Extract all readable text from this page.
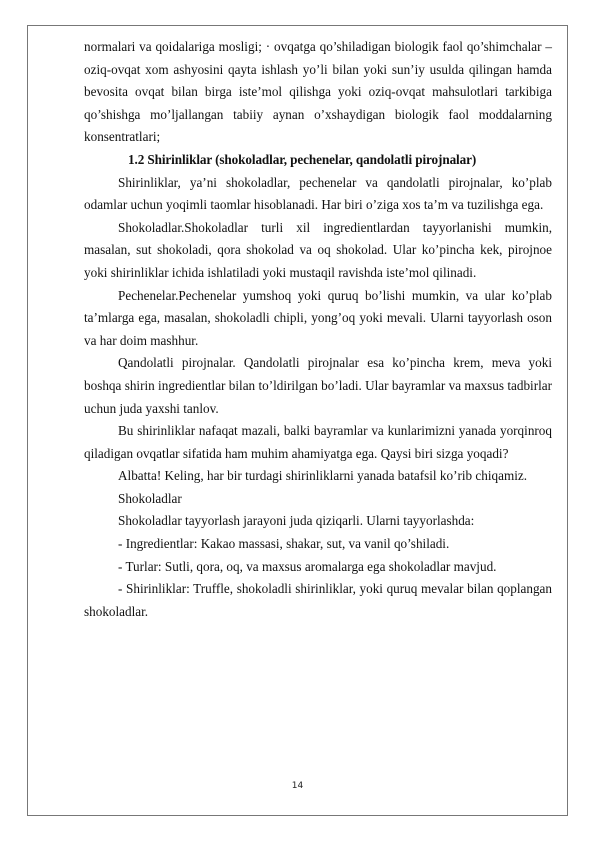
normalari va qoidalariga mosligi; · ovqatga qo’shiladigan biologik faol qo’shimchalar – oziq-ovqat xom ashyosini qayta ishlash yo’li bilan yoki sun’iy usulda qilingan hamda bevosita ovqat bilan birga iste’mol qilishga yoki oziq-ovqat mahsulotlari tarkibiga qo’shishga mo’ljallangan tabiiy aynan o’xshaydigan biologik faol moddalarning konsentratlari;

1.2 Shirinliklar (shokoladlar, pechenelar, qandolatli pirojnalar)

Shirinliklar, ya’ni shokoladlar, pechenelar va qandolatli pirojnalar, ko’plab odamlar uchun yoqimli taomlar hisoblanadi. Har biri o’ziga xos ta’m va tuzilishga ega.

Shokoladlar.Shokoladlar turli xil ingredientlardan tayyorlanishi mumkin, masalan, sut shokoladi, qora shokolad va oq shokolad. Ular ko’pincha kek, pirojnoe yoki shirinliklar ichida ishlatiladi yoki mustaqil ravishda iste’mol qilinadi.

Pechenelar.Pechenelar yumshoq yoki quruq bo’lishi mumkin, va ular ko’plab ta’mlarga ega, masalan, shokoladli chipli, yong’oq yoki mevali. Ularni tayyorlash oson va har doim mashhur.

Qandolatli pirojnalar. Qandolatli pirojnalar esa ko’pincha krem, meva yoki boshqa shirin ingredientlar bilan to’ldirilgan bo’ladi. Ular bayramlar va maxsus tadbirlar uchun juda yaxshi tanlov.

Bu shirinliklar nafaqat mazali, balki bayramlar va kunlarimizni yanada yorqinroq qiladigan ovqatlar sifatida ham muhim ahamiyatga ega. Qaysi biri sizga yoqadi?

Albatta! Keling, har bir turdagi shirinliklarni yanada batafsil ko’rib chiqamiz.

Shokoladlar

Shokoladlar tayyorlash jarayoni juda qiziqarli. Ularni tayyorlashda:

- Ingredientlar: Kakao massasi, shakar, sut, va vanil qo’shiladi.

- Turlar: Sutli, qora, oq, va maxsus aromalarga ega shokoladlar mavjud.

- Shirinliklar: Truffle, shokoladli shirinliklar, yoki quruq mevalar bilan qoplangan shokoladlar.

14
